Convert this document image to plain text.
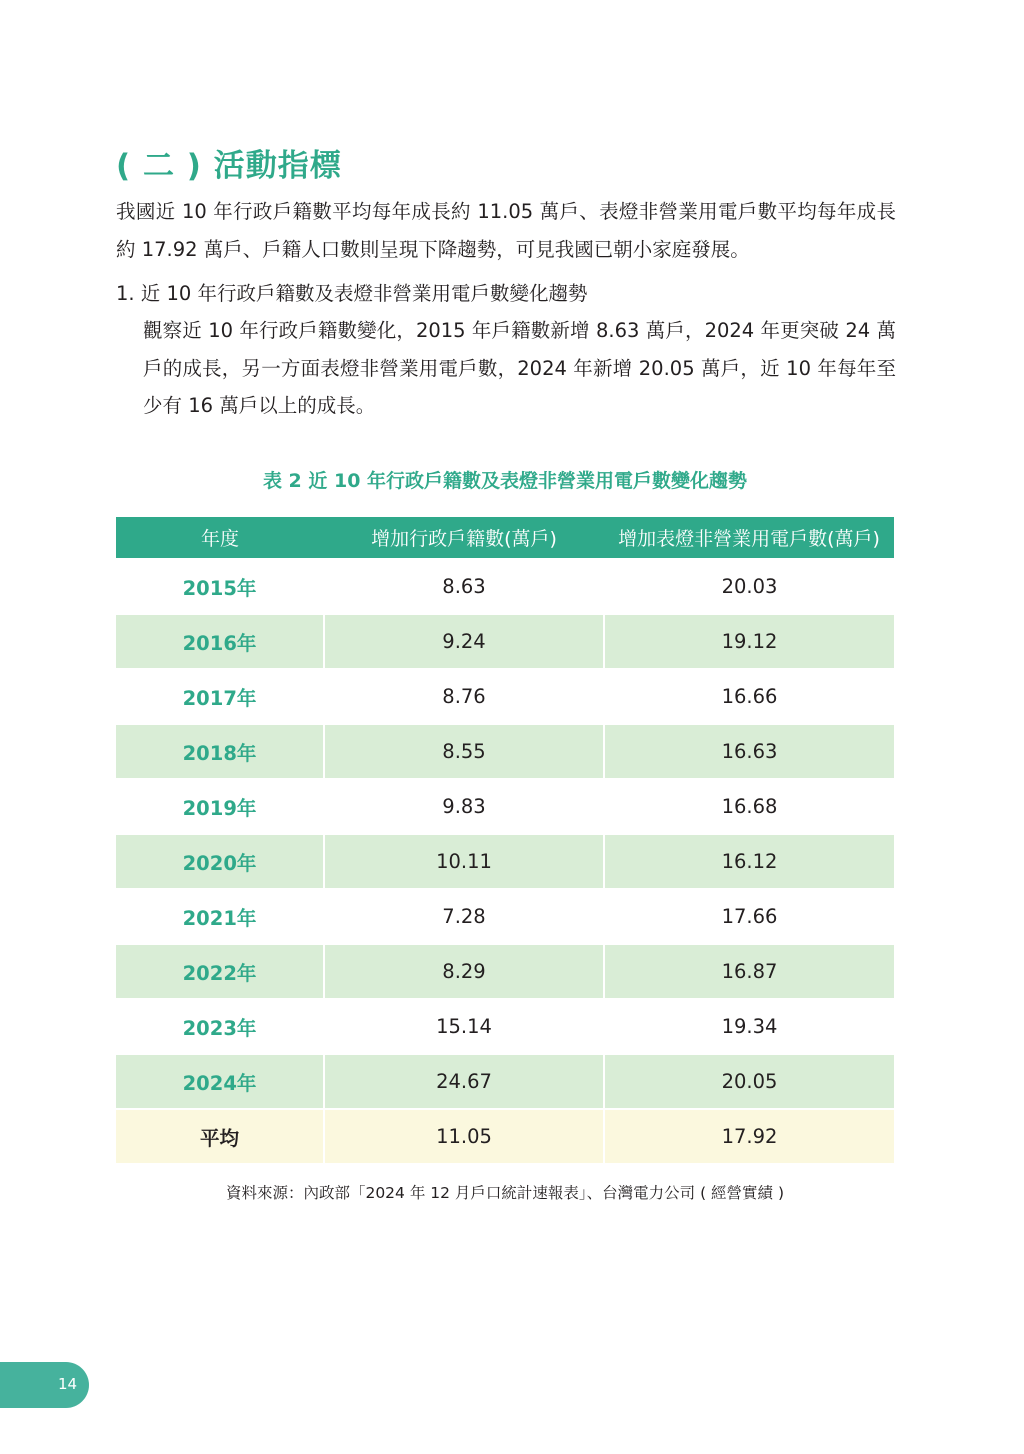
( 二 ) 活動指標

我國近 10 年行政戶籍數平均每年成長約 11.05 萬戶、表燈非營業用電戶數平均每年成長約 17.92 萬戶、戶籍人口數則呈現下降趨勢，可見我國已朝小家庭發展。

1. 近 10 年行政戶籍數及表燈非營業用電戶數變化趨勢

觀察近 10 年行政戶籍數變化，2015 年戶籍數新增 8.63 萬戶，2024 年更突破 24 萬戶的成長，另一方面表燈非營業用電戶數，2024 年新增 20.05 萬戶，近 10 年每年至少有 16 萬戶以上的成長。

表 2 近 10 年行政戶籍數及表燈非營業用電戶數變化趨勢

年度	增加行政戶籍數(萬戶)	增加表燈非營業用電戶數(萬戶)
2015年	8.63	20.03
2016年	9.24	19.12
2017年	8.76	16.66
2018年	8.55	16.63
2019年	9.83	16.68
2020年	10.11	16.12
2021年	7.28	17.66
2022年	8.29	16.87
2023年	15.14	19.34
2024年	24.67	20.05
平均	11.05	17.92

資料來源：內政部「2024 年 12 月戶口統計速報表」、台灣電力公司 ( 經營實績 )

14
